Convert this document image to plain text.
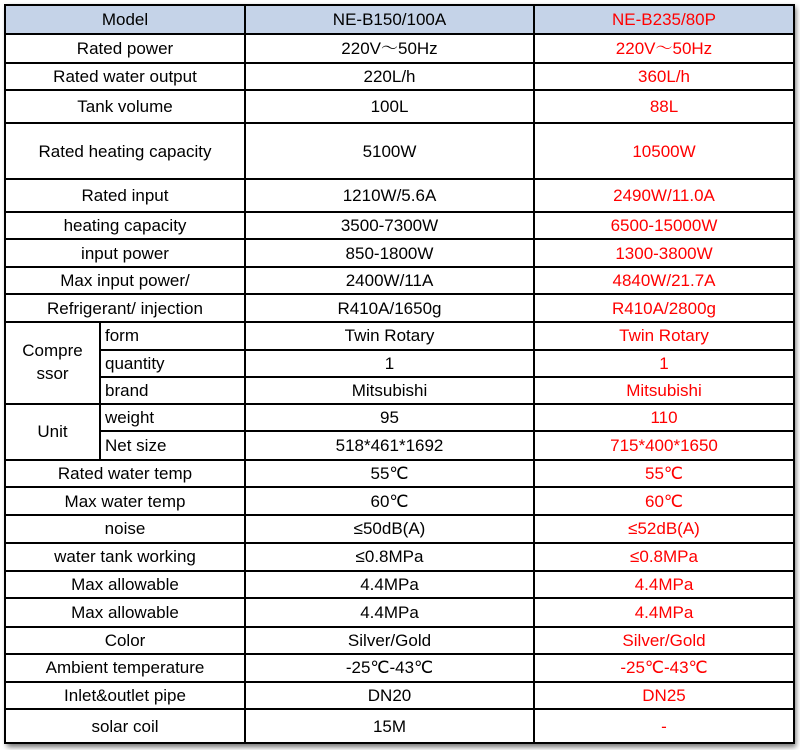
Model		NE-B150/100A	NE-B235/80P
Rated power		220V～50Hz	220V～50Hz
Rated water output		220L/h	360L/h
Tank volume		100L	88L
Rated heating capacity		5100W	10500W
Rated input		1210W/5.6A	2490W/11.0A
heating capacity		3500-7300W	6500-15000W
input power		850-1800W	1300-3800W
Max input power/		2400W/11A	4840W/21.7A
Refrigerant/ injection		R410A/1650g	R410A/2800g
Compre ssor	form	Twin Rotary	Twin Rotary
	quantity	1	1
	brand	Mitsubishi	Mitsubishi
Unit	weight	95	110
	Net size	518*461*1692	715*400*1650
Rated water temp		55℃	55℃
Max water temp		60℃	60℃
noise		≤50dB(A)	≤52dB(A)
water tank working		≤0.8MPa	≤0.8MPa
Max allowable		4.4MPa	4.4MPa
Max allowable		4.4MPa	4.4MPa
Color		Silver/Gold	Silver/Gold
Ambient temperature		-25℃-43℃	-25℃-43℃
Inlet&outlet pipe		DN20	DN25
solar coil		15M	-
